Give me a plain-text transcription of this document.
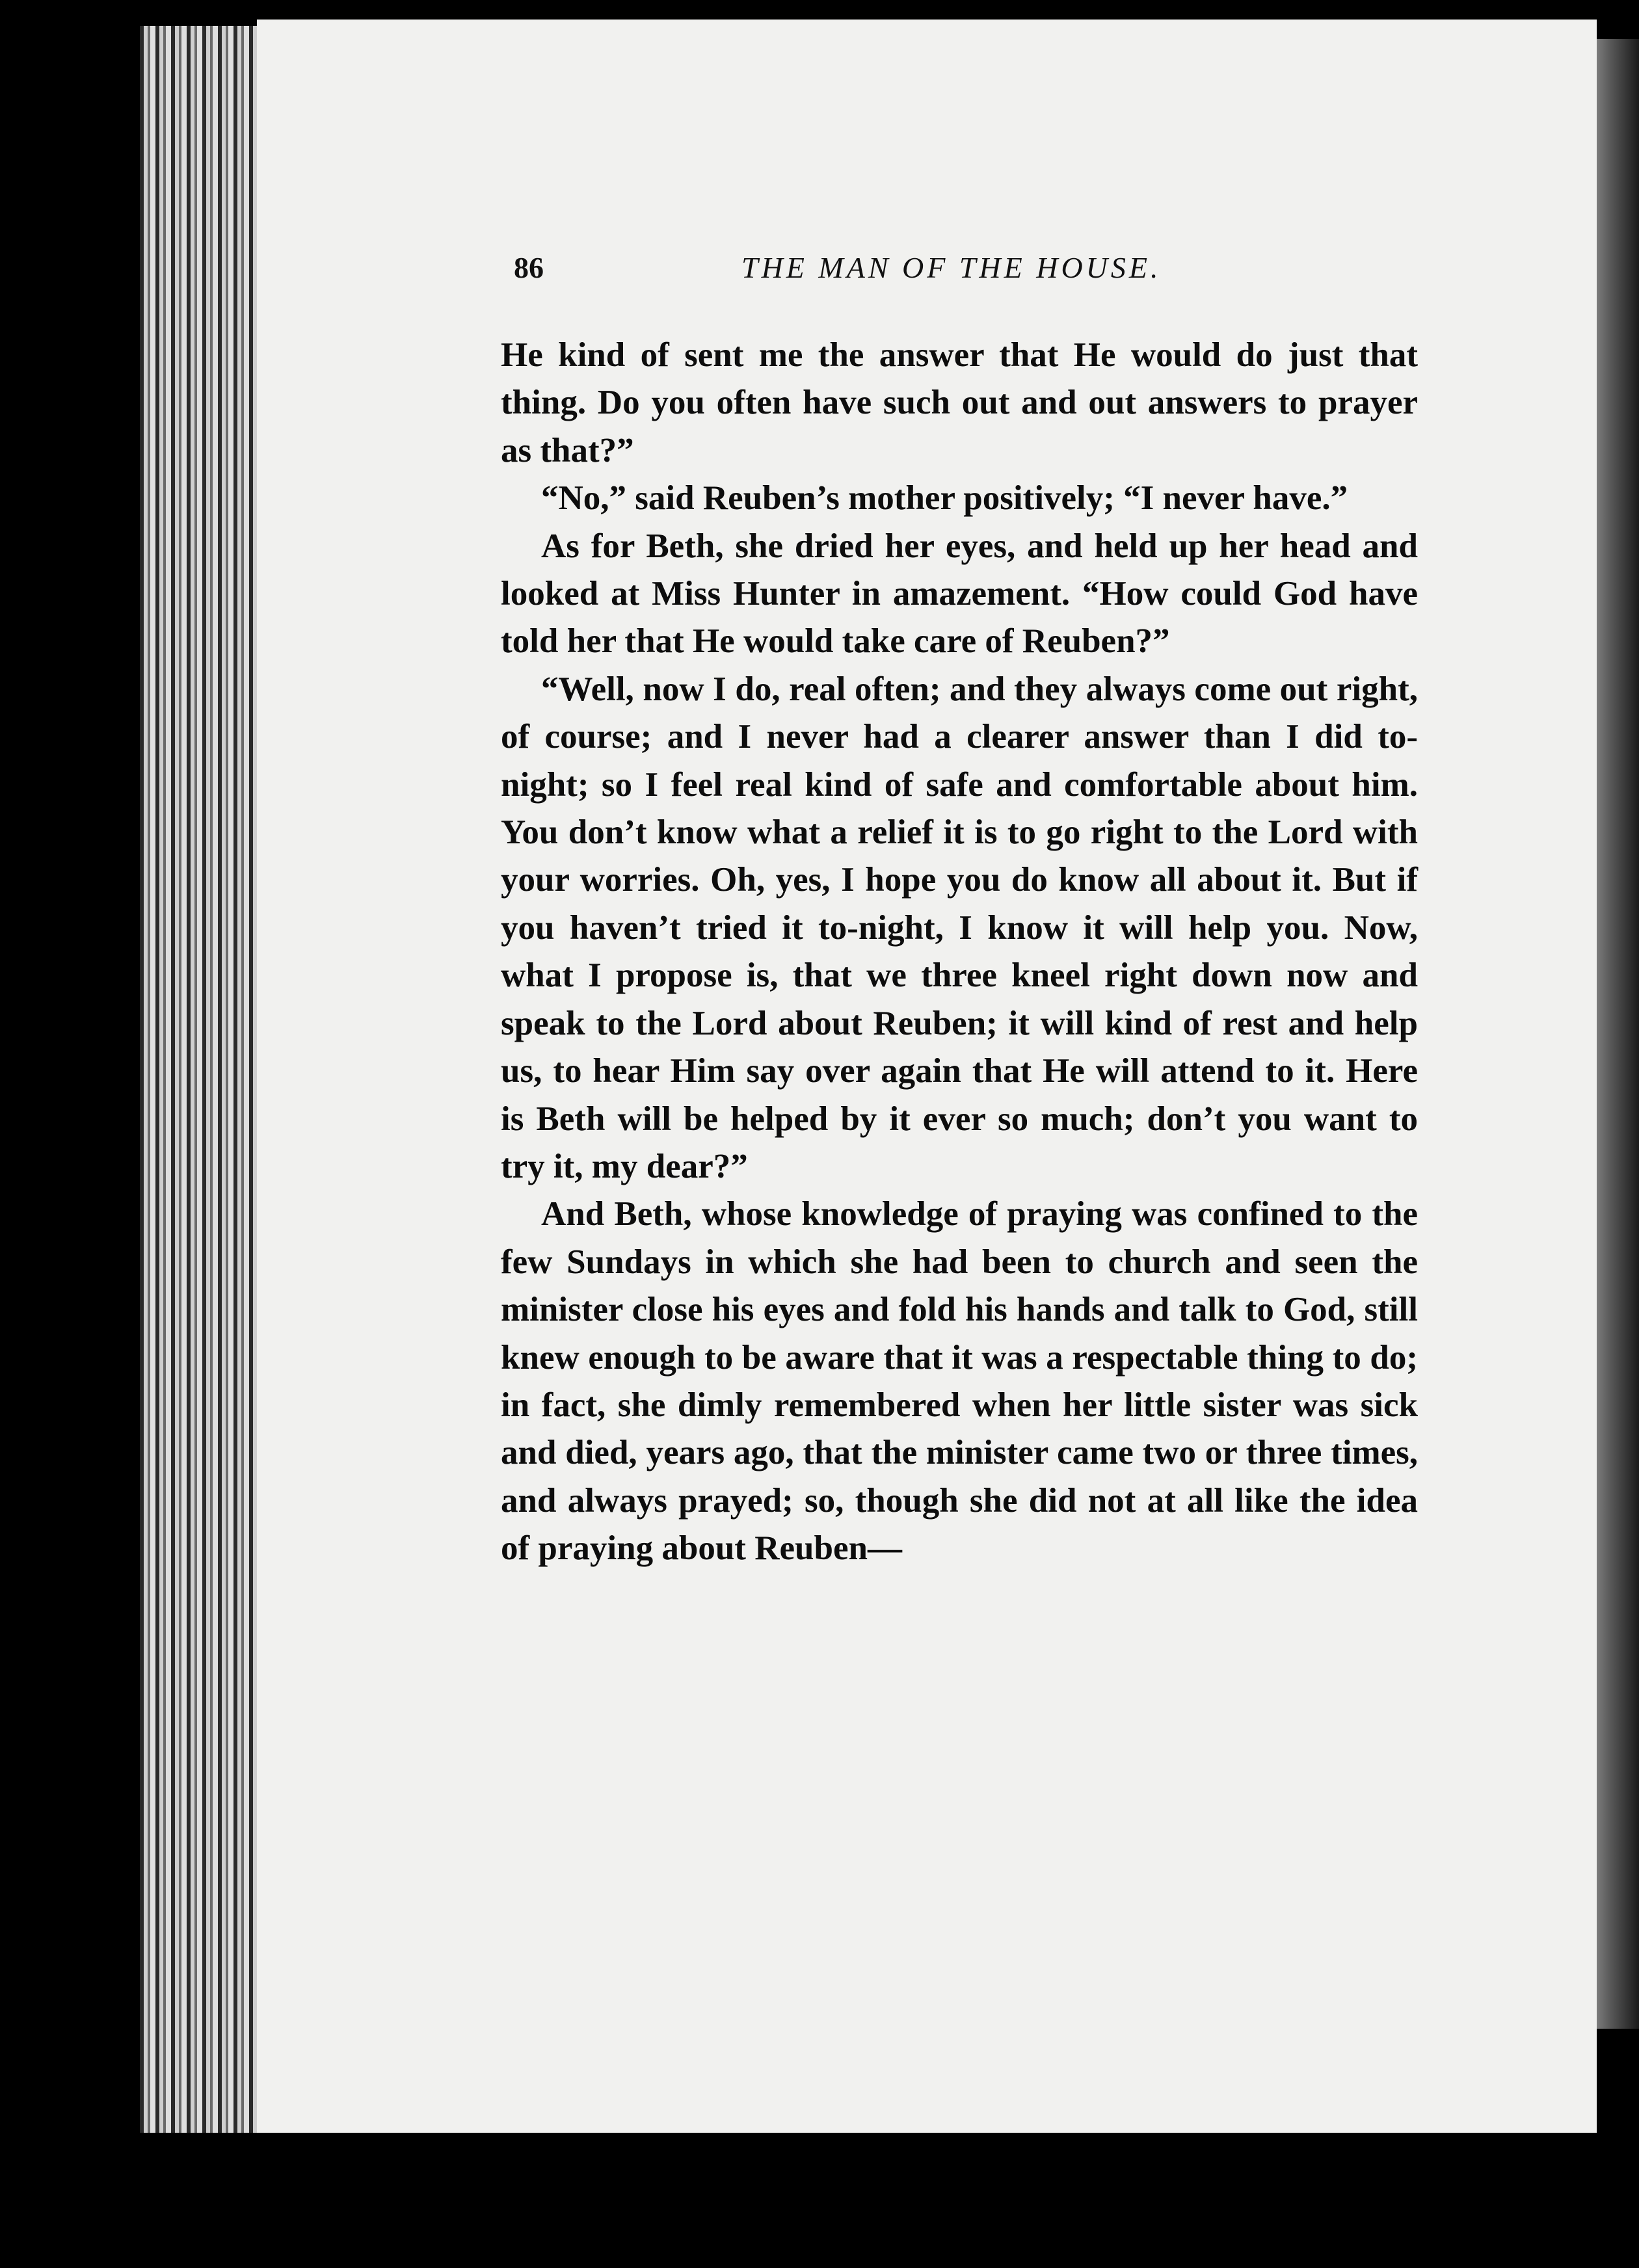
86	THE MAN OF THE HOUSE.

He kind of sent me the answer that He would do just that thing. Do you often have such out and out answers to prayer as that?”

“No,” said Reuben’s mother positively; “I never have.”

As for Beth, she dried her eyes, and held up her head and looked at Miss Hunter in amazement. “How could God have told her that He would take care of Reuben?”

“Well, now I do, real often; and they always come out right, of course; and I never had a clearer answer than I did to-night; so I feel real kind of safe and comfortable about him. You don’t know what a relief it is to go right to the Lord with your worries. Oh, yes, I hope you do know all about it. But if you haven’t tried it to-night, I know it will help you. Now, what I propose is, that we three kneel right down now and speak to the Lord about Reuben; it will kind of rest and help us, to hear Him say over again that He will attend to it. Here is Beth will be helped by it ever so much; don’t you want to try it, my dear?”

And Beth, whose knowledge of praying was confined to the few Sundays in which she had been to church and seen the minister close his eyes and fold his hands and talk to God, still knew enough to be aware that it was a respectable thing to do; in fact, she dimly remembered when her little sister was sick and died, years ago, that the minister came two or three times, and always prayed; so, though she did not at all like the idea of praying about Reuben—
